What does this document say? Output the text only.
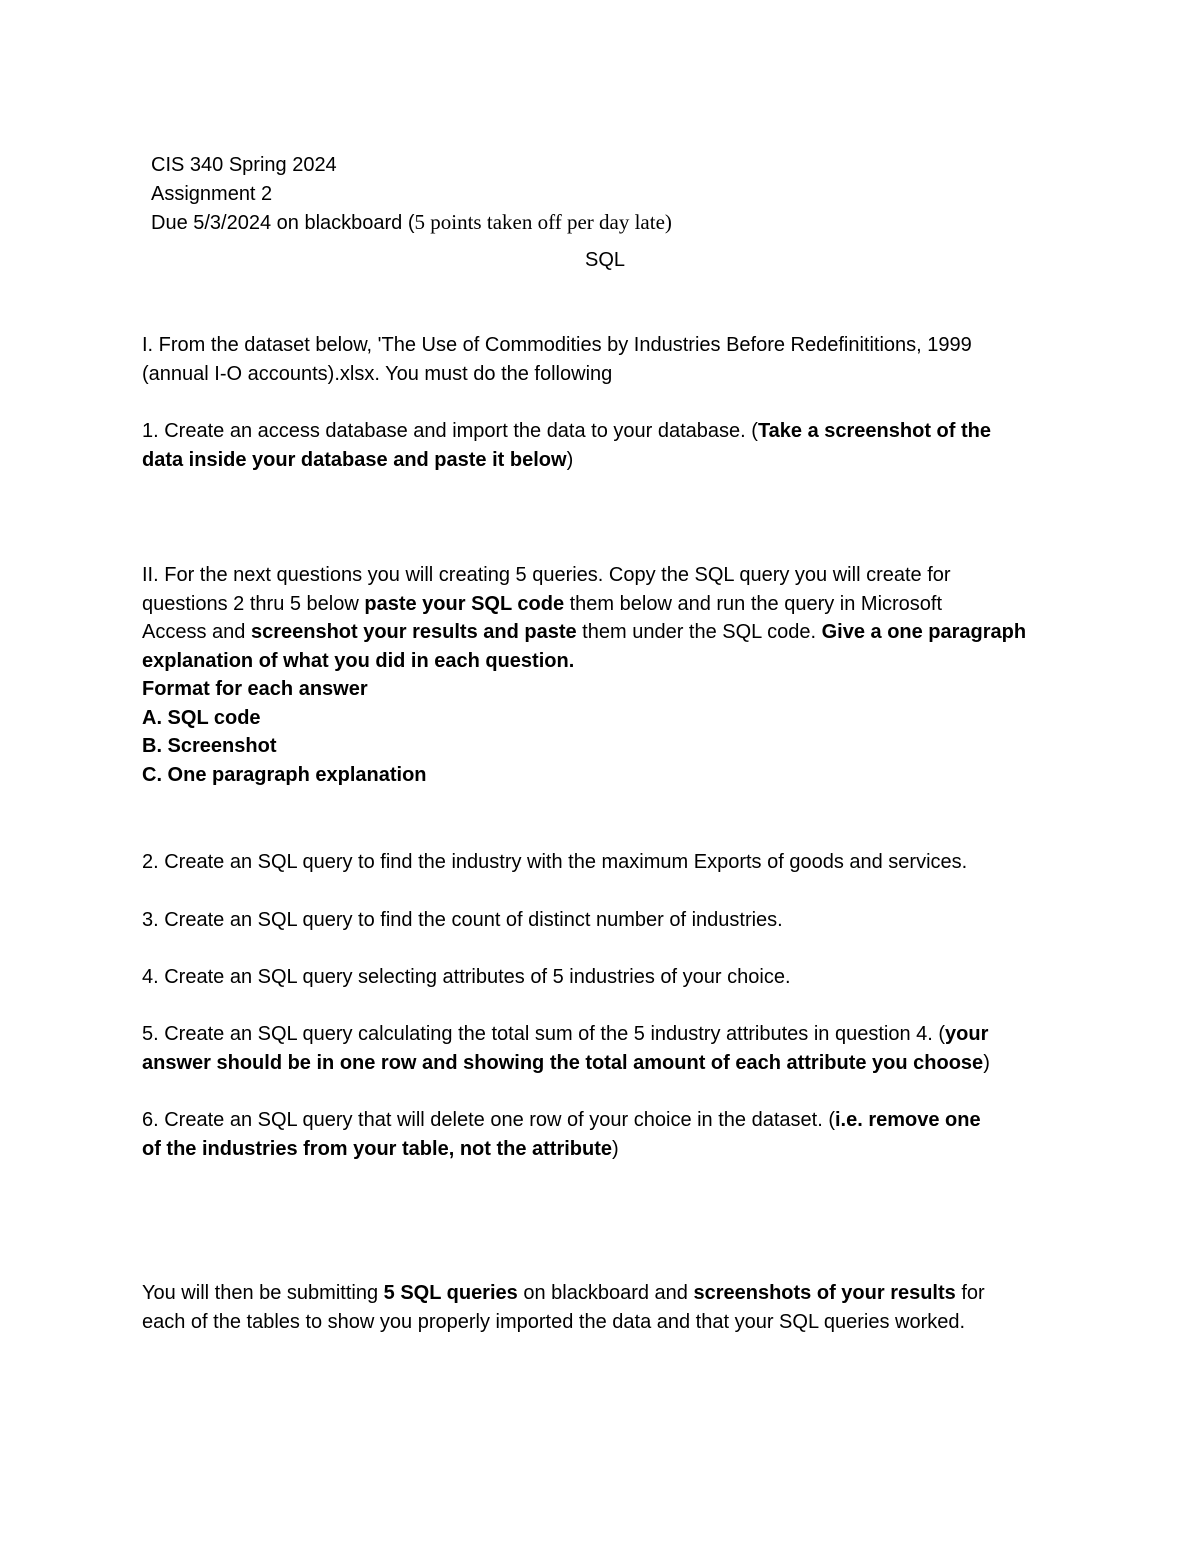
CIS 340 Spring 2024
Assignment 2
Due 5/3/2024 on blackboard (5 points taken off per day late)
SQL
I. From the dataset below, 'The Use of Commodities by Industries Before Redefinititions, 1999
(annual I-O accounts).xlsx. You must do the following
1. Create an access database and import the data to your database. (Take a screenshot of the
data inside your database and paste it below)
II. For the next questions you will creating 5 queries. Copy the SQL query you will create for
questions 2 thru 5 below paste your SQL code them below and run the query in Microsoft
Access and screenshot your results and paste them under the SQL code. Give a one paragraph
explanation of what you did in each question.
Format for each answer
A. SQL code
B. Screenshot
C. One paragraph explanation
2. Create an SQL query to find the industry with the maximum Exports of goods and services.
3. Create an SQL query to find the count of distinct number of industries.
4. Create an SQL query selecting attributes of 5 industries of your choice.
5. Create an SQL query calculating the total sum of the 5 industry attributes in question 4. (your
answer should be in one row and showing the total amount of each attribute you choose)
6. Create an SQL query that will delete one row of your choice in the dataset. (i.e. remove one
of the industries from your table, not the attribute)
You will then be submitting 5 SQL queries on blackboard and screenshots of your results for
each of the tables to show you properly imported the data and that your SQL queries worked.
